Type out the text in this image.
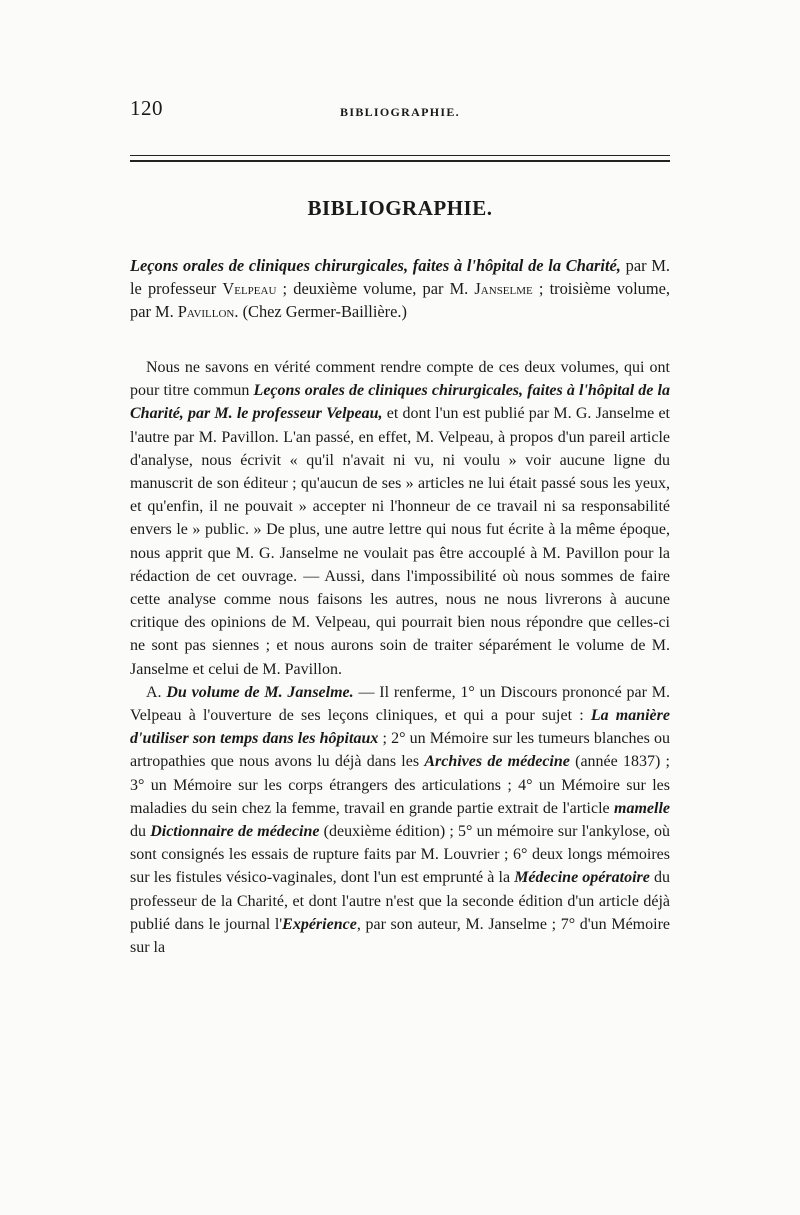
120	BIBLIOGRAPHIE.
BIBLIOGRAPHIE.

Leçons orales de cliniques chirurgicales, faites à l'hôpital de la Charité, par M. le professeur Velpeau ; deuxième volume, par M. Janselme ; troisième volume, par M. Pavillon. (Chez Germer-Baillière.)

Nous ne savons en vérité comment rendre compte de ces deux volumes, qui ont pour titre commun Leçons orales de cliniques chirurgicales, faites à l'hôpital de la Charité, par M. le professeur Velpeau, et dont l'un est publié par M. G. Janselme et l'autre par M. Pavillon. L'an passé, en effet, M. Velpeau, à propos d'un pareil article d'analyse, nous écrivit « qu'il n'avait ni vu, ni voulu » voir aucune ligne du manuscrit de son éditeur ; qu'aucun de ses » articles ne lui était passé sous les yeux, et qu'enfin, il ne pouvait » accepter ni l'honneur de ce travail ni sa responsabilité envers le » public. » De plus, une autre lettre qui nous fut écrite à la même époque, nous apprit que M. G. Janselme ne voulait pas être accouplé à M. Pavillon pour la rédaction de cet ouvrage. — Aussi, dans l'impossibilité où nous sommes de faire cette analyse comme nous faisons les autres, nous ne nous livrerons à aucune critique des opinions de M. Velpeau, qui pourrait bien nous répondre que celles-ci ne sont pas siennes ; et nous aurons soin de traiter séparément le volume de M. Janselme et celui de M. Pavillon.

A. Du volume de M. Janselme. — Il renferme, 1° un Discours prononcé par M. Velpeau à l'ouverture de ses leçons cliniques, et qui a pour sujet : La manière d'utiliser son temps dans les hôpitaux ; 2° un Mémoire sur les tumeurs blanches ou artropathies que nous avons lu déjà dans les Archives de médecine (année 1837) ; 3° un Mémoire sur les corps étrangers des articulations ; 4° un Mémoire sur les maladies du sein chez la femme, travail en grande partie extrait de l'article mamelle du Dictionnaire de médecine (deuxième édition) ; 5° un mémoire sur l'ankylose, où sont consignés les essais de rupture faits par M. Louvrier ; 6° deux longs mémoires sur les fistules vésico-vaginales, dont l'un est emprunté à la Médecine opératoire du professeur de la Charité, et dont l'autre n'est que la seconde édition d'un article déjà publié dans le journal l'Expérience, par son auteur, M. Janselme ; 7° d'un Mémoire sur la
